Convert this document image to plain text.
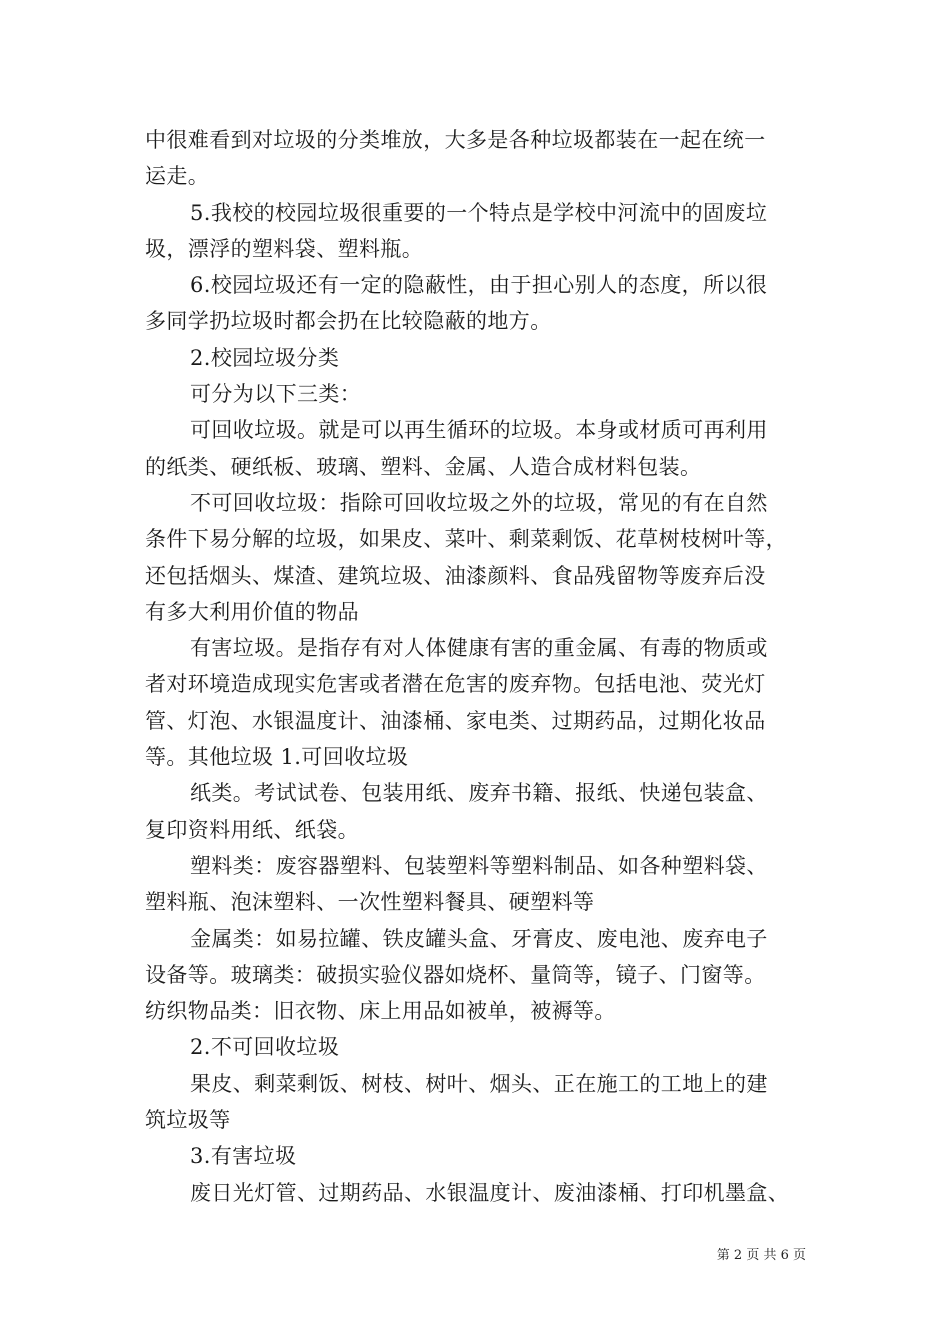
中很难看到对垃圾的分类堆放，大多是各种垃圾都装在一起在统一
运走。
5.我校的校园垃圾很重要的一个特点是学校中河流中的固废垃
圾，漂浮的塑料袋、塑料瓶。
6.校园垃圾还有一定的隐蔽性，由于担心别人的态度，所以很
多同学扔垃圾时都会扔在比较隐蔽的地方。
2.校园垃圾分类
可分为以下三类：
可回收垃圾。就是可以再生循环的垃圾。本身或材质可再利用
的纸类、硬纸板、玻璃、塑料、金属、人造合成材料包装。
不可回收垃圾：指除可回收垃圾之外的垃圾，常见的有在自然
条件下易分解的垃圾，如果皮、菜叶、剩菜剩饭、花草树枝树叶等，
还包括烟头、煤渣、建筑垃圾、油漆颜料、食品残留物等废弃后没
有多大利用价值的物品
有害垃圾。是指存有对人体健康有害的重金属、有毒的物质或
者对环境造成现实危害或者潜在危害的废弃物。包括电池、荧光灯
管、灯泡、水银温度计、油漆桶、家电类、过期药品，过期化妆品
等。其他垃圾 1.可回收垃圾
纸类。考试试卷、包装用纸、废弃书籍、报纸、快递包装盒、
复印资料用纸、纸袋。
塑料类：废容器塑料、包装塑料等塑料制品、如各种塑料袋、
塑料瓶、泡沫塑料、一次性塑料餐具、硬塑料等
金属类：如易拉罐、铁皮罐头盒、牙膏皮、废电池、废弃电子
设备等。玻璃类：破损实验仪器如烧杯、量筒等，镜子、门窗等。
纺织物品类：旧衣物、床上用品如被单，被褥等。
2.不可回收垃圾
果皮、剩菜剩饭、树枝、树叶、烟头、正在施工的工地上的建
筑垃圾等
3.有害垃圾
废日光灯管、过期药品、水银温度计、废油漆桶、打印机墨盒、
第 2 页 共 6 页
